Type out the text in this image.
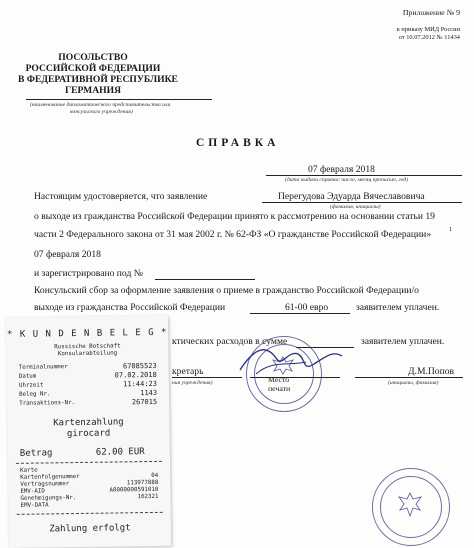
Приложение № 9
к приказу МИД России
от 10.07.2012 № 11434
ПОСОЛЬСТВО
РОССИЙСКОЙ ФЕДЕРАЦИИ
В ФЕДЕРАТИВНОЙ РЕСПУБЛИКЕ
ГЕРМАНИЯ
(наименование дипломатического представительства или
консульского учреждения)
СПРАВКА
07 февраля 2018
(дата выдачи справки: число, месяц прописью, год)
Настоящим удостоверяется, что заявление	Перегудова Эдуарда Вячеславовича
(фамилия, инициалы)
о выходе из гражданства Российской Федерации принято к рассмотрению на основании статьи 19
части 2 Федерального закона от 31 мая 2002 г. № 62-ФЗ «О гражданстве Российской Федерации»	1
07 февраля 2018
и зарегистрировано под №
Консульский сбор за оформление заявления о приеме в гражданство Российской Федерации/о
выходе из гражданства Российской Федерации	61-00 евро	заявителем уплачен.
ктических расходов в сумме	заявителем уплачен.
кретарь
ния учреждения)
Д.М.Попов
(инициалы, фамилия)
Место
печати
* K U N D E N B E L E G *
Russische Botschaft
Konsularabteilung
Terminalnummer	67085523
Datum	07.02.2018
Uhrzeit	11:44:23
Beleg Nr.	1143
Transaktions-Nr.	267015
Kartenzahlung
girocard
Betrag	62.00 EUR
Karte
Kartenfolgenummer	04
Vertragsnummer	113977888
EMV-AID	A0000000591010
Genehmigungs-Nr.	162321
EMV-DATA
Zahlung erfolgt
